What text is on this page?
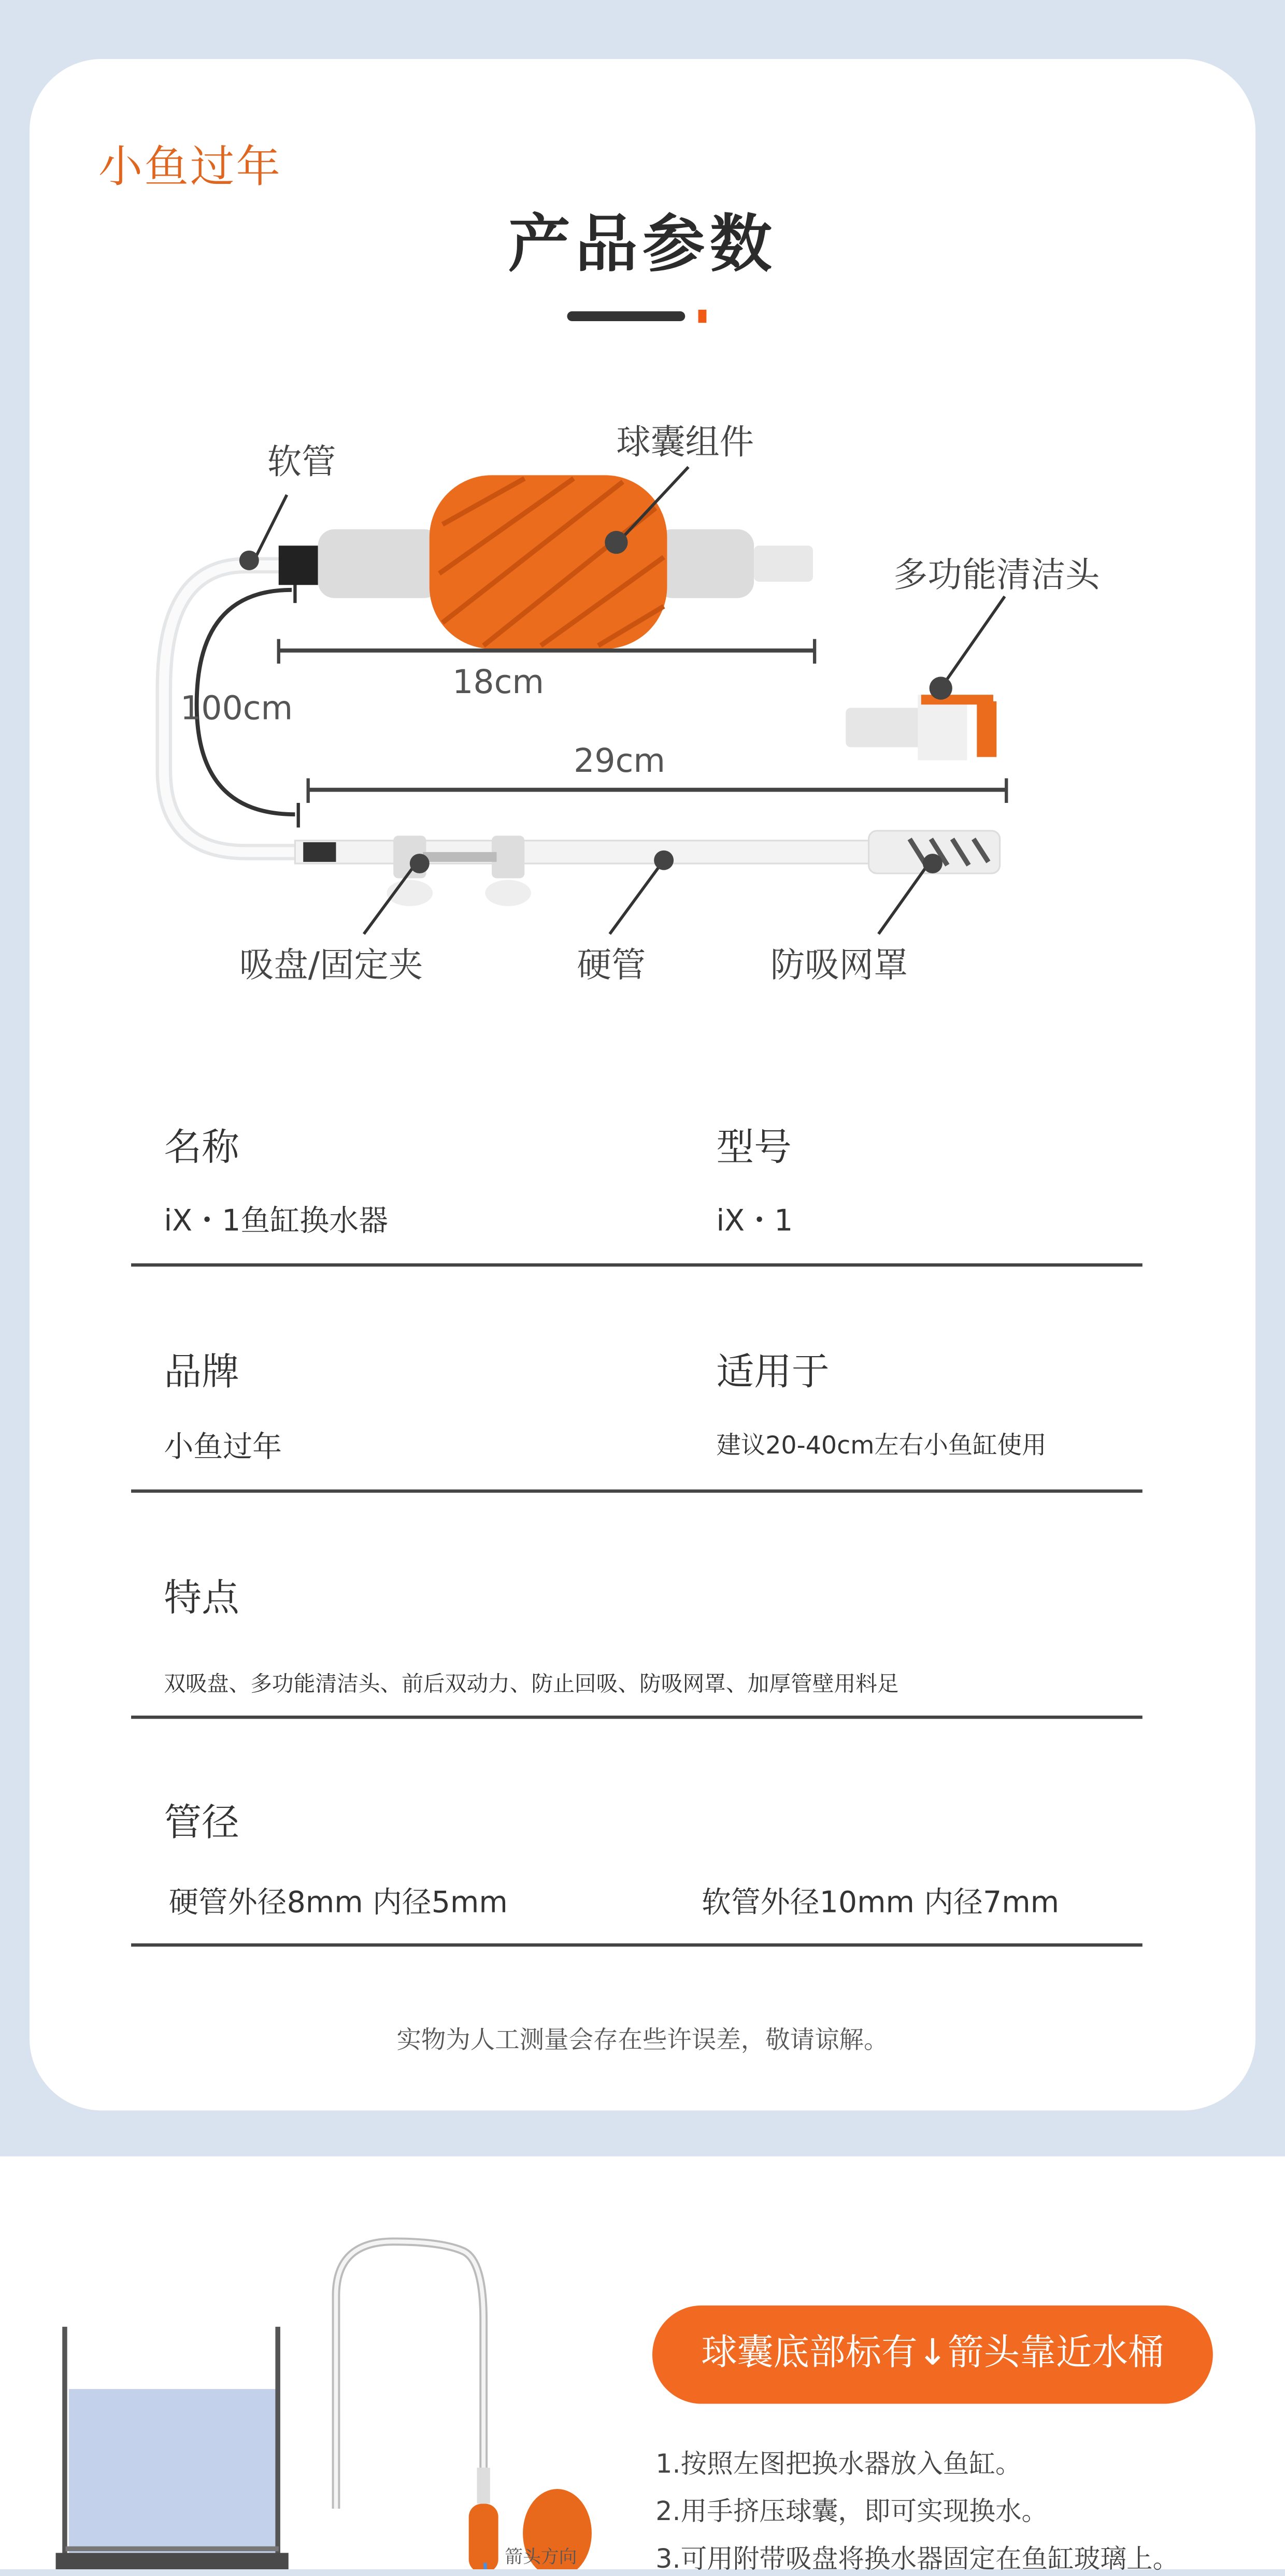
小鱼过年
产品参数
软管	球囊组件
多功能清洁头
吸盘/固定夹	硬管	防吸网罩
18cm
100cm
29cm
名称	型号
iX・1鱼缸换水器	iX・1
品牌	适用于
小鱼过年	建议20-40cm左右小鱼缸使用
特点
双吸盘、多功能清洁头、前后双动力、防止回吸、防吸网罩、加厚管壁用料足
管径
硬管外径8mm 内径5mm	软管外径10mm 内径7mm
实物为人工测量会存在些许误差，敬请谅解。
箭头方向
球囊底部标有↓箭头靠近水桶
1.按照左图把换水器放入鱼缸。
2.用手挤压球囊，即可实现换水。
3.可用附带吸盘将换水器固定在鱼缸玻璃上。
